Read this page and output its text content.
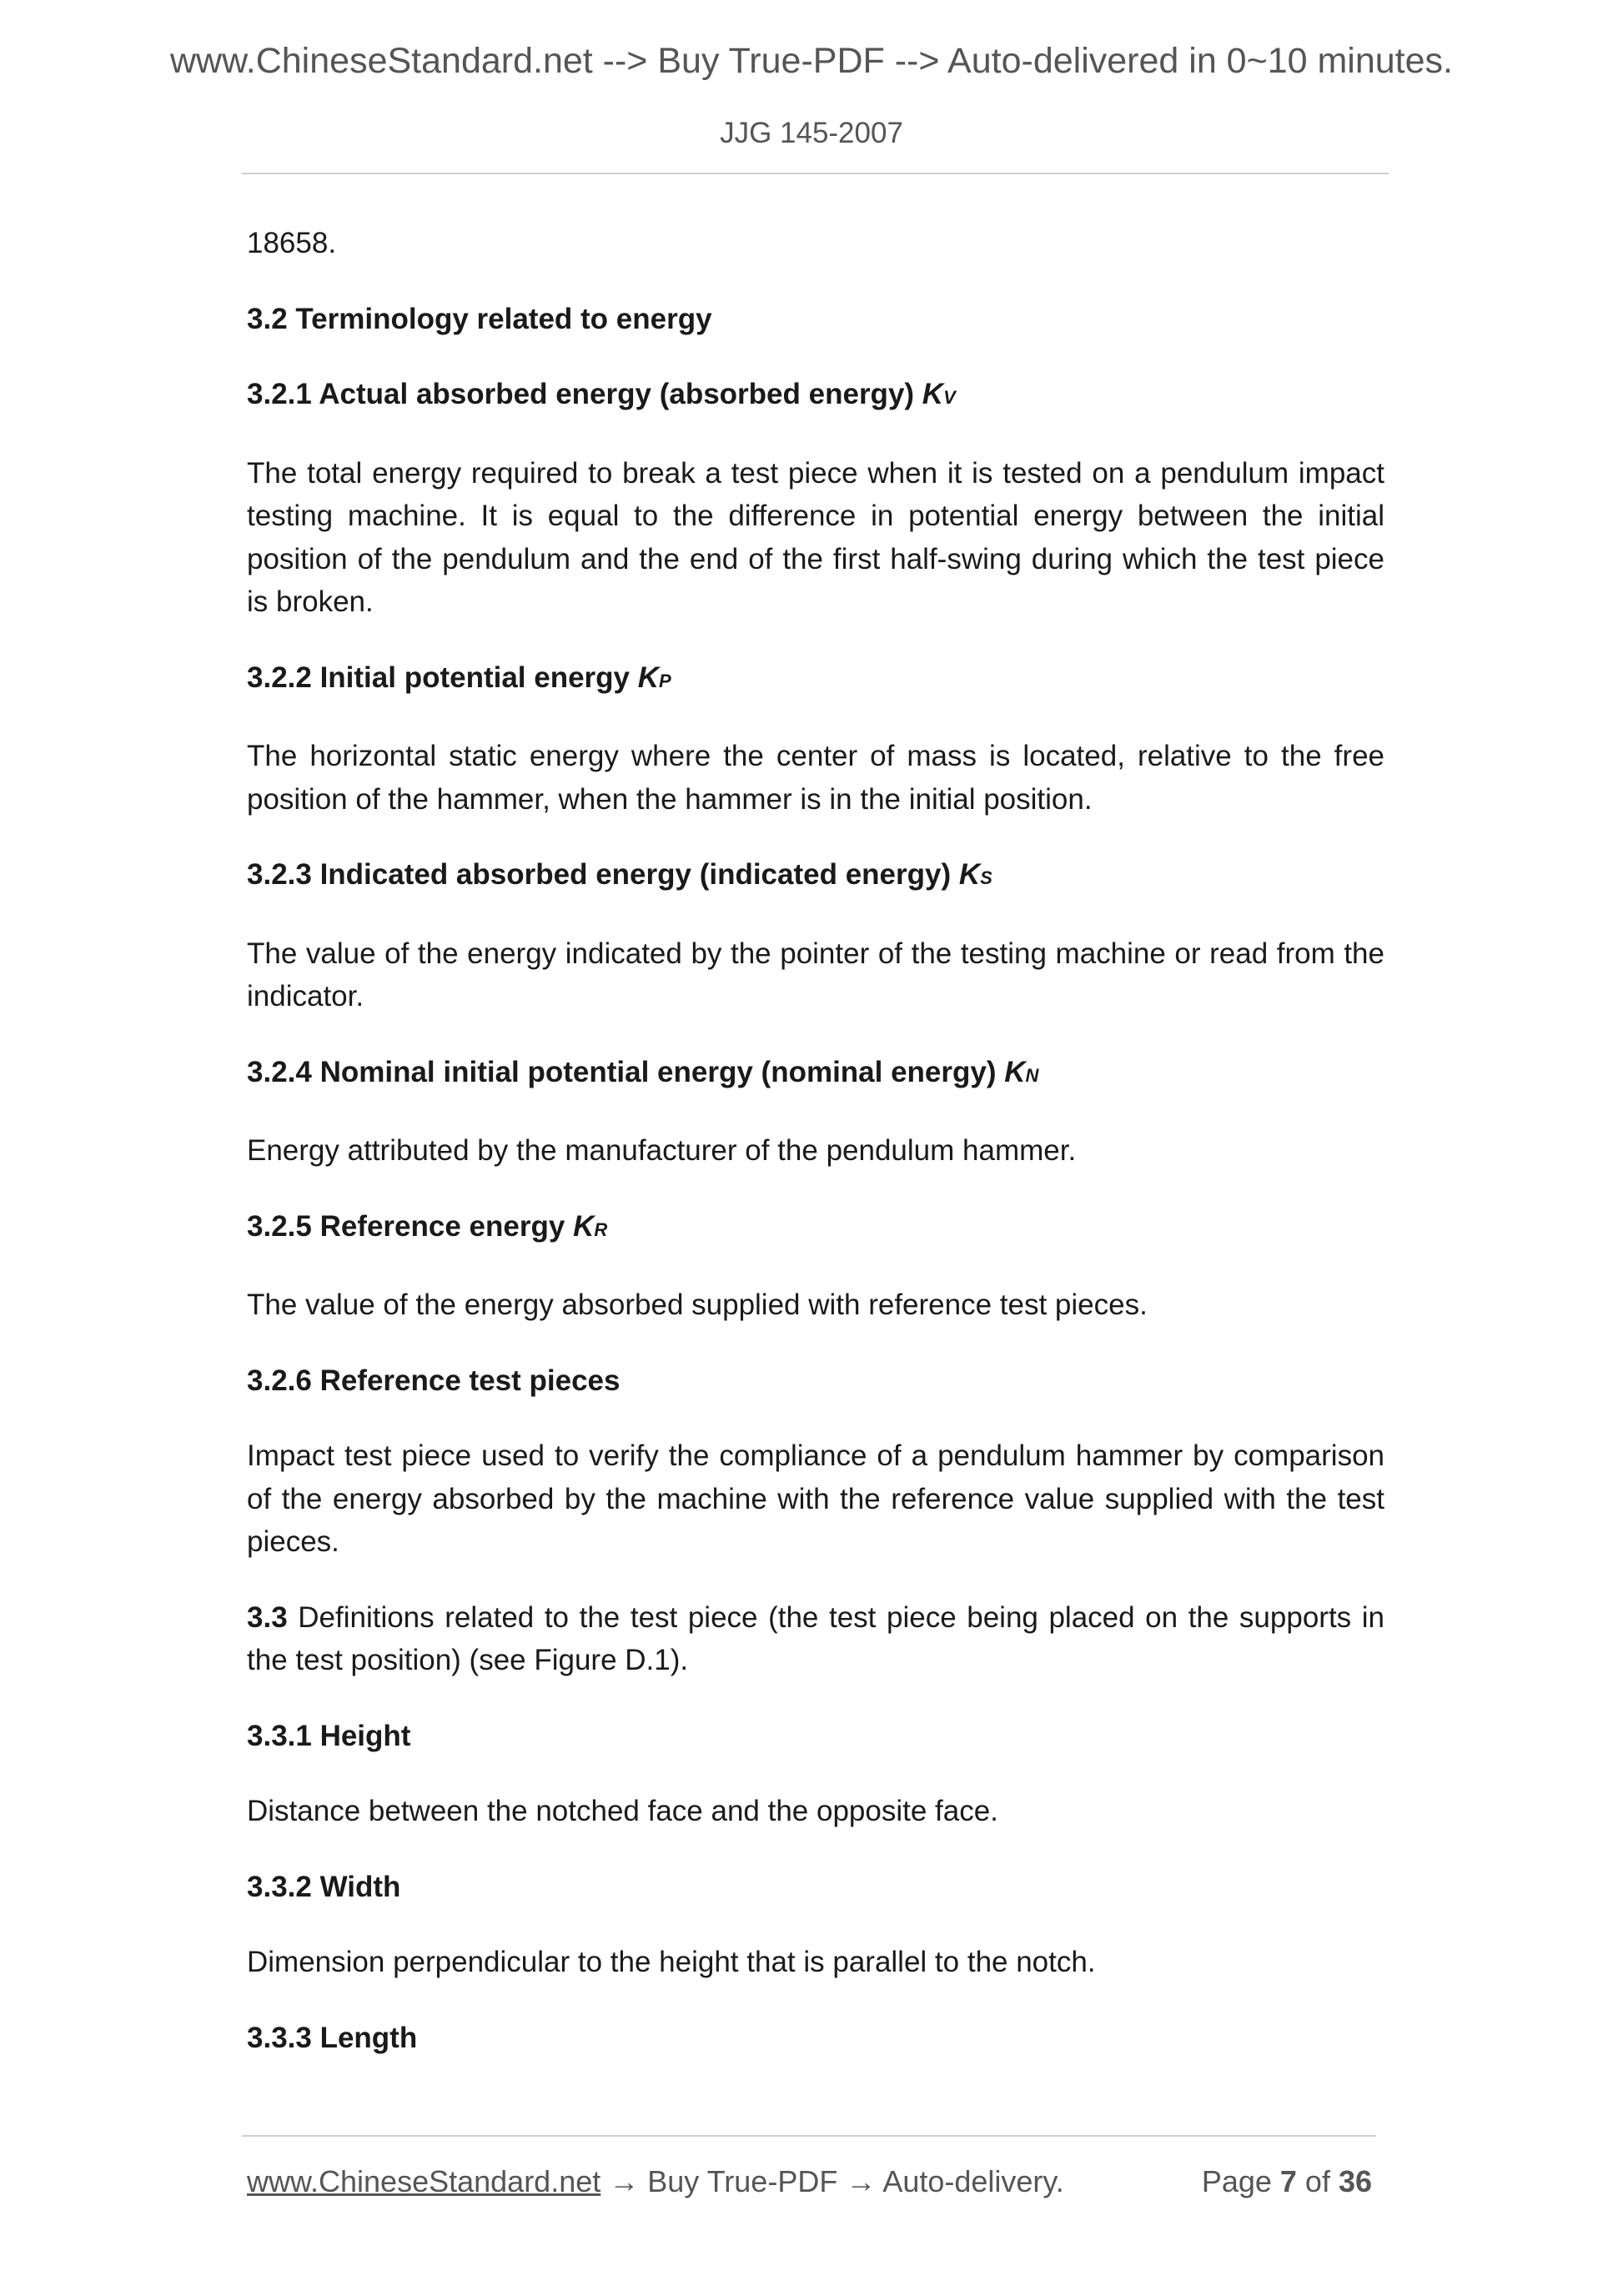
www.ChineseStandard.net --> Buy True-PDF --> Auto-delivered in 0~10 minutes.
JJG 145-2007

18658.

3.2 Terminology related to energy

3.2.1 Actual absorbed energy (absorbed energy) KV

The total energy required to break a test piece when it is tested on a pendulum impact testing machine. It is equal to the difference in potential energy between the initial position of the pendulum and the end of the first half-swing during which the test piece is broken.

3.2.2 Initial potential energy KP

The horizontal static energy where the center of mass is located, relative to the free position of the hammer, when the hammer is in the initial position.

3.2.3 Indicated absorbed energy (indicated energy) KS

The value of the energy indicated by the pointer of the testing machine or read from the indicator.

3.2.4 Nominal initial potential energy (nominal energy) KN

Energy attributed by the manufacturer of the pendulum hammer.

3.2.5 Reference energy KR

The value of the energy absorbed supplied with reference test pieces.

3.2.6 Reference test pieces

Impact test piece used to verify the compliance of a pendulum hammer by comparison of the energy absorbed by the machine with the reference value supplied with the test pieces.

3.3 Definitions related to the test piece (the test piece being placed on the supports in the test position) (see Figure D.1).

3.3.1 Height

Distance between the notched face and the opposite face.

3.3.2 Width

Dimension perpendicular to the height that is parallel to the notch.

3.3.3 Length

www.ChineseStandard.net → Buy True-PDF → Auto-delivery.	Page 7 of 36
